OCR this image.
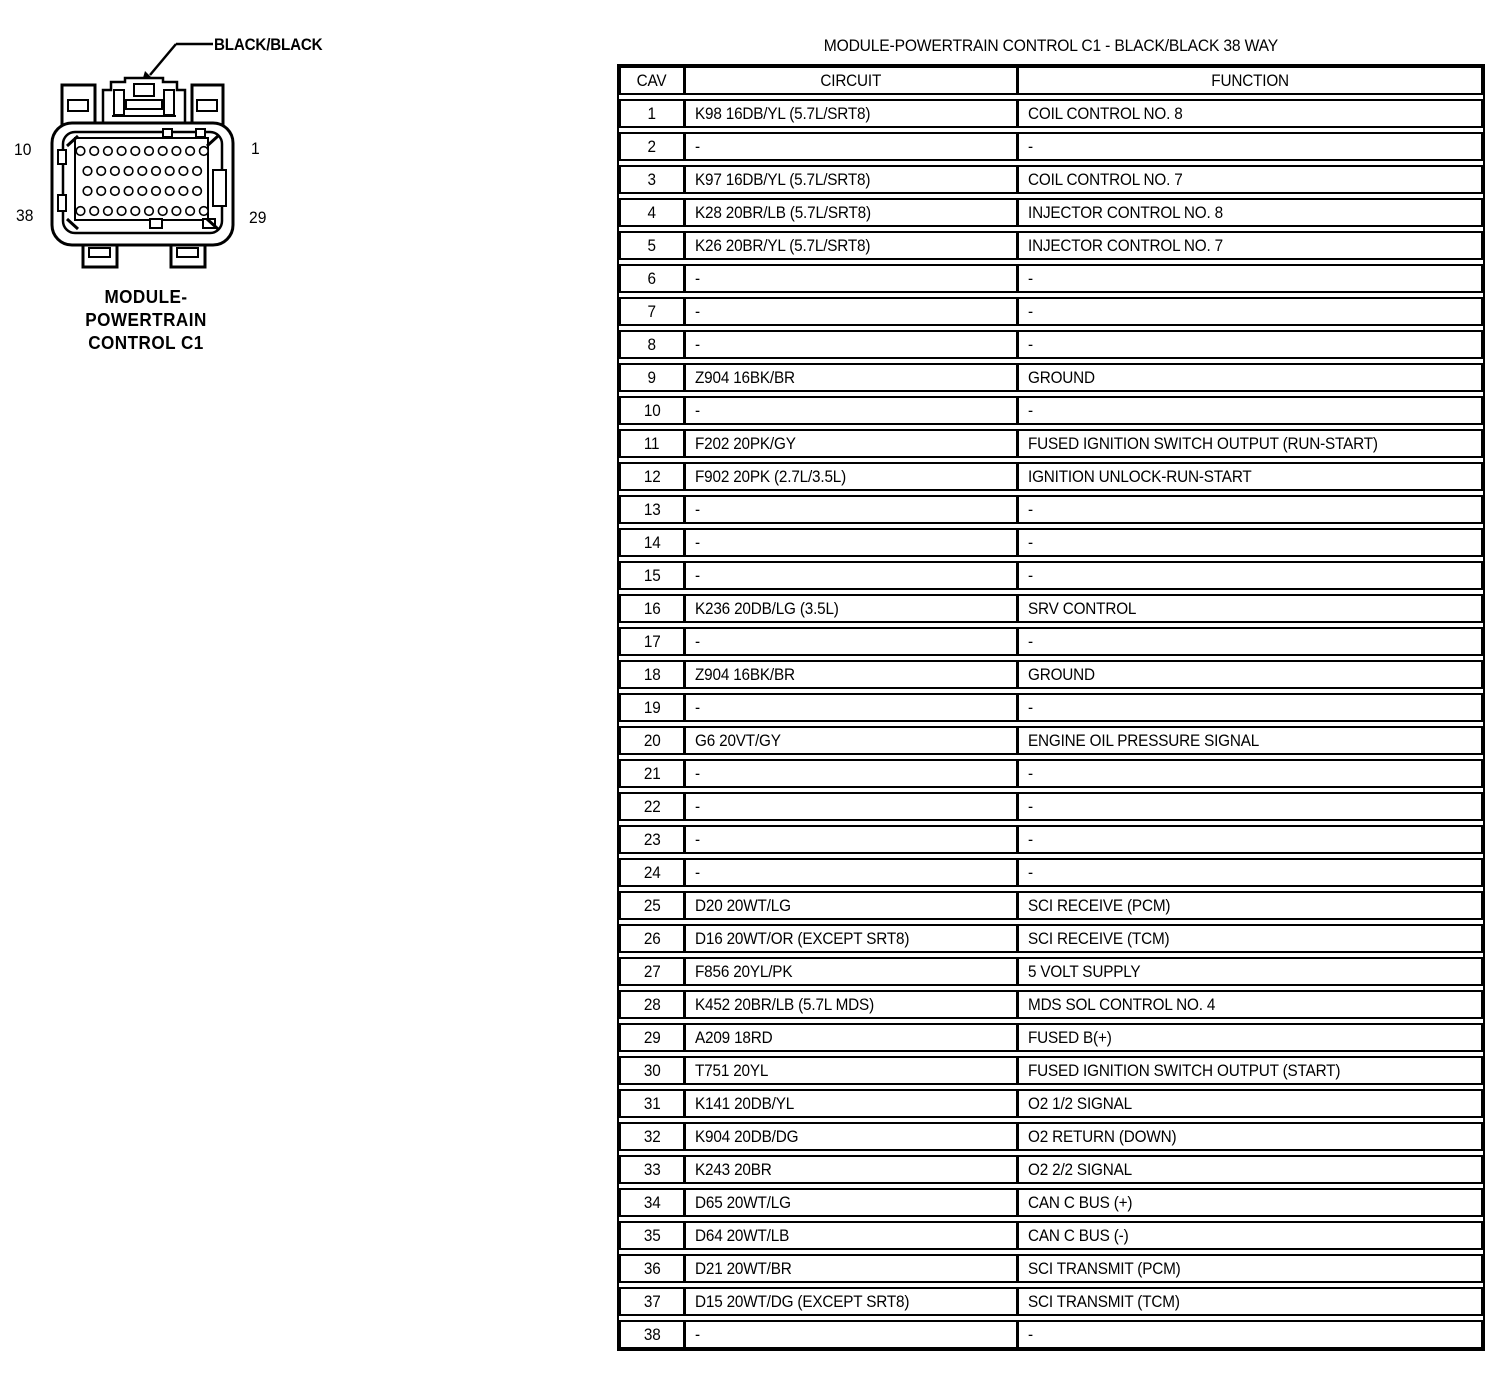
BLACK/BLACK
10	1
38	29
MODULE-
POWERTRAIN
CONTROL C1
MODULE-POWERTRAIN CONTROL C1 - BLACK/BLACK 38 WAY
CAV	CIRCUIT	FUNCTION
1 K98 16DB/YL (5.7L/SRT8)	COIL CONTROL NO. 8
2 -	-
3 K97 16DB/YL (5.7L/SRT8)	COIL CONTROL NO. 7
4 K28 20BR/LB (5.7L/SRT8)	INJECTOR CONTROL NO. 8
5 K26 20BR/YL (5.7L/SRT8)	INJECTOR CONTROL NO. 7
6 -	-
7 -	-
8 -	-
9 Z904 16BK/BR	GROUND
10 -	-
11 F202 20PK/GY	FUSED IGNITION SWITCH OUTPUT (RUN-START)
12 F902 20PK (2.7L/3.5L)	IGNITION UNLOCK-RUN-START
13 -	-
14 -	-
15 -	-
16 K236 20DB/LG (3.5L)	SRV CONTROL
17 -	-
18 Z904 16BK/BR	GROUND
19 -	-
20 G6 20VT/GY	ENGINE OIL PRESSURE SIGNAL
21 -	-
22 -	-
23 -	-
24 -	-
25 D20 20WT/LG	SCI RECEIVE (PCM)
26 D16 20WT/OR (EXCEPT SRT8)	SCI RECEIVE (TCM)
27 F856 20YL/PK	5 VOLT SUPPLY
28 K452 20BR/LB (5.7L MDS)	MDS SOL CONTROL NO. 4
29 A209 18RD	FUSED B(+)
30 T751 20YL	FUSED IGNITION SWITCH OUTPUT (START)
31 K141 20DB/YL	O2 1/2 SIGNAL
32 K904 20DB/DG	O2 RETURN (DOWN)
33 K243 20BR	O2 2/2 SIGNAL
34 D65 20WT/LG	CAN C BUS (+)
35 D64 20WT/LB	CAN C BUS (-)
36 D21 20WT/BR	SCI TRANSMIT (PCM)
37 D15 20WT/DG (EXCEPT SRT8)	SCI TRANSMIT (TCM)
38 -	-
